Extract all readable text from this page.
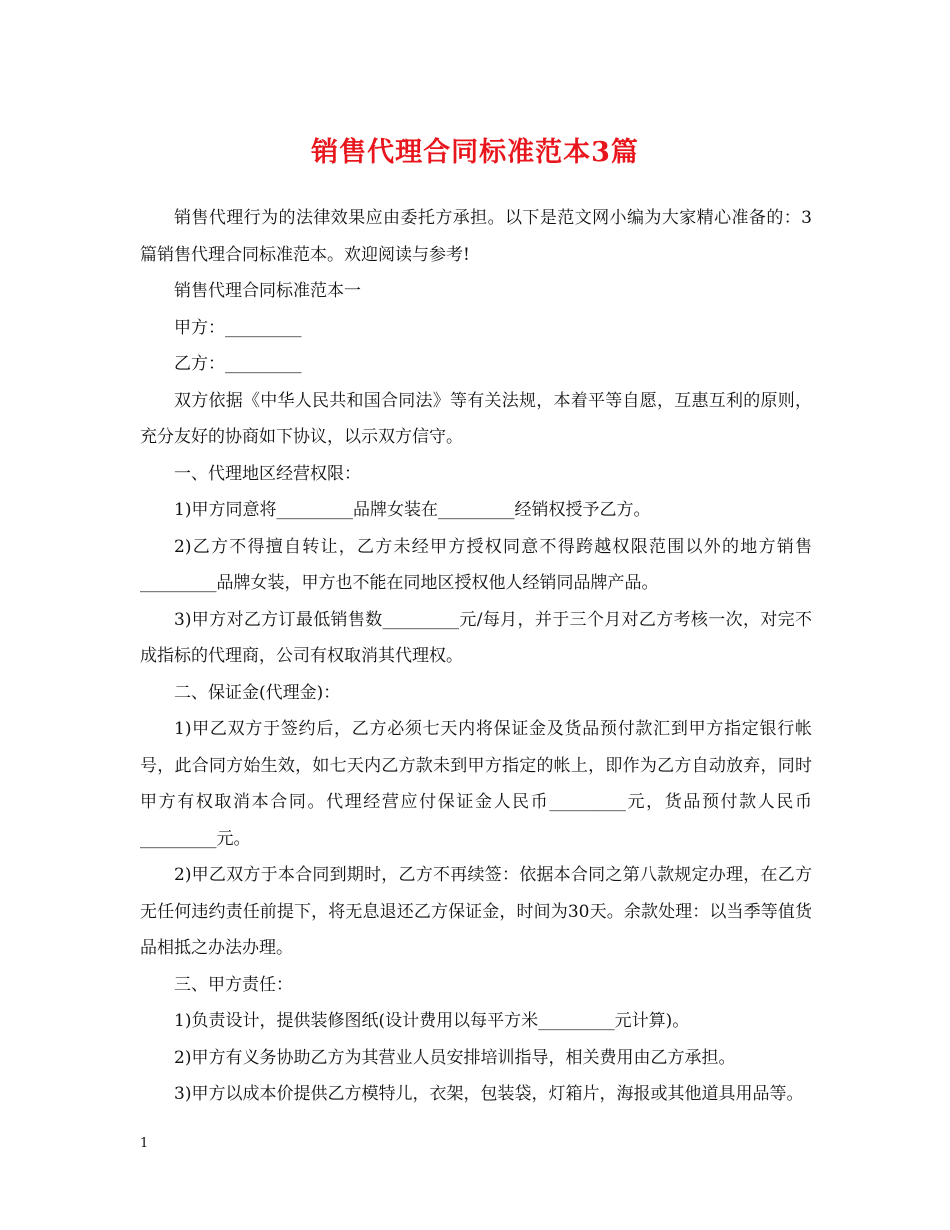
销售代理合同标准范本3篇

销售代理行为的法律效果应由委托方承担。以下是范文网小编为大家精心准备的：3篇销售代理合同标准范本。欢迎阅读与参考!

销售代理合同标准范本一

甲方：_________

乙方：_________

双方依据《中华人民共和国合同法》等有关法规，本着平等自愿，互惠互利的原则，充分友好的协商如下协议，以示双方信守。

一、代理地区经营权限：

1)甲方同意将_________品牌女装在_________经销权授予乙方。

2)乙方不得擅自转让，乙方未经甲方授权同意不得跨越权限范围以外的地方销售_________品牌女装，甲方也不能在同地区授权他人经销同品牌产品。

3)甲方对乙方订最低销售数_________元/每月，并于三个月对乙方考核一次，对完不成指标的代理商，公司有权取消其代理权。

二、保证金(代理金)：

1)甲乙双方于签约后，乙方必须七天内将保证金及货品预付款汇到甲方指定银行帐号，此合同方始生效，如七天内乙方款未到甲方指定的帐上，即作为乙方自动放弃，同时甲方有权取消本合同。代理经营应付保证金人民币_________元，货品预付款人民币_________元。

2)甲乙双方于本合同到期时，乙方不再续签：依据本合同之第八款规定办理，在乙方无任何违约责任前提下，将无息退还乙方保证金，时间为30天。余款处理：以当季等值货品相抵之办法办理。

三、甲方责任：

1)负责设计，提供装修图纸(设计费用以每平方米_________元计算)。

2)甲方有义务协助乙方为其营业人员安排培训指导，相关费用由乙方承担。

3)甲方以成本价提供乙方模特儿，衣架，包装袋，灯箱片，海报或其他道具用品等。

1
